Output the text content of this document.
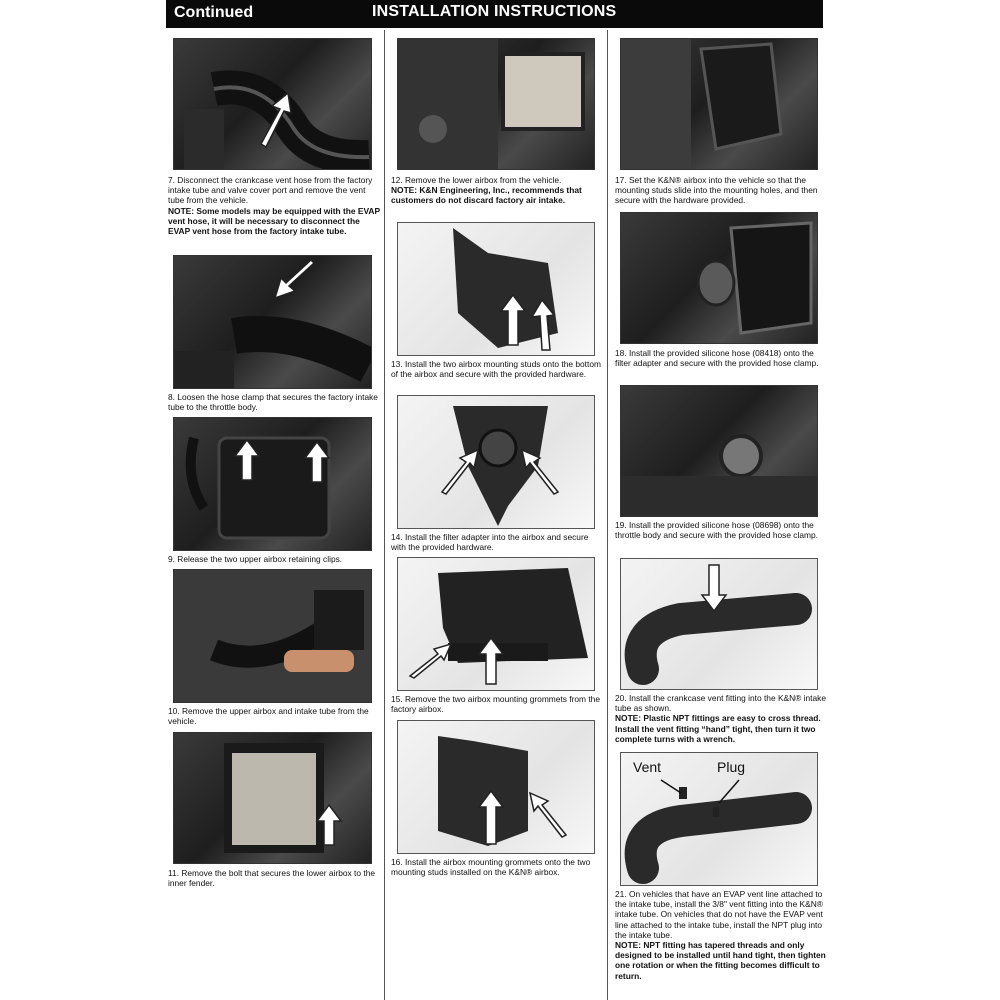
Continued	INSTALLATION INSTRUCTIONS
7. Disconnect the crankcase vent hose from the factory intake tube and valve cover port and remove the vent tube from the vehicle.
NOTE: Some models may be equipped with the EVAP vent hose, it will be necessary to disconnect the EVAP vent hose from the factory intake tube.
8. Loosen the hose clamp that secures the factory intake tube to the throttle body.
9. Release the two upper airbox retaining clips.
10. Remove the upper airbox and intake tube from the vehicle.
11. Remove the bolt that secures the lower airbox to the inner fender.
12. Remove the lower airbox from the vehicle.
NOTE: K&N Engineering, Inc., recommends that customers do not discard factory air intake.
13. Install the two airbox mounting studs onto the bottom of the airbox and secure with the provided hardware.
14. Install the filter adapter into the airbox and secure with the provided hardware.
15. Remove the two airbox mounting grommets from the factory airbox.
16. Install the airbox mounting grommets onto the two mounting studs installed on the K&N® airbox.
17. Set the K&N® airbox into the vehicle so that the mounting studs slide into the mounting holes, and then secure with the hardware provided.
18. Install the provided silicone hose (08418) onto the filter adapter and secure with the provided hose clamp.
19. Install the provided silicone hose (08698) onto the throttle body and secure with the provided hose clamp.
20. Install the crankcase vent fitting into the K&N® intake tube as shown.
NOTE: Plastic NPT fittings are easy to cross thread. Install the vent fitting “hand” tight, then turn it two complete turns with a wrench.
Vent	Plug
21. On vehicles that have an EVAP vent line attached to the intake tube, install the 3/8" vent fitting into the K&N® intake tube. On vehicles that do not have the EVAP vent line attached to the intake tube, install the NPT plug into the intake tube.
NOTE: NPT fitting has tapered threads and only designed to be installed until hand tight, then tighten one rotation or when the fitting becomes difficult to return.
